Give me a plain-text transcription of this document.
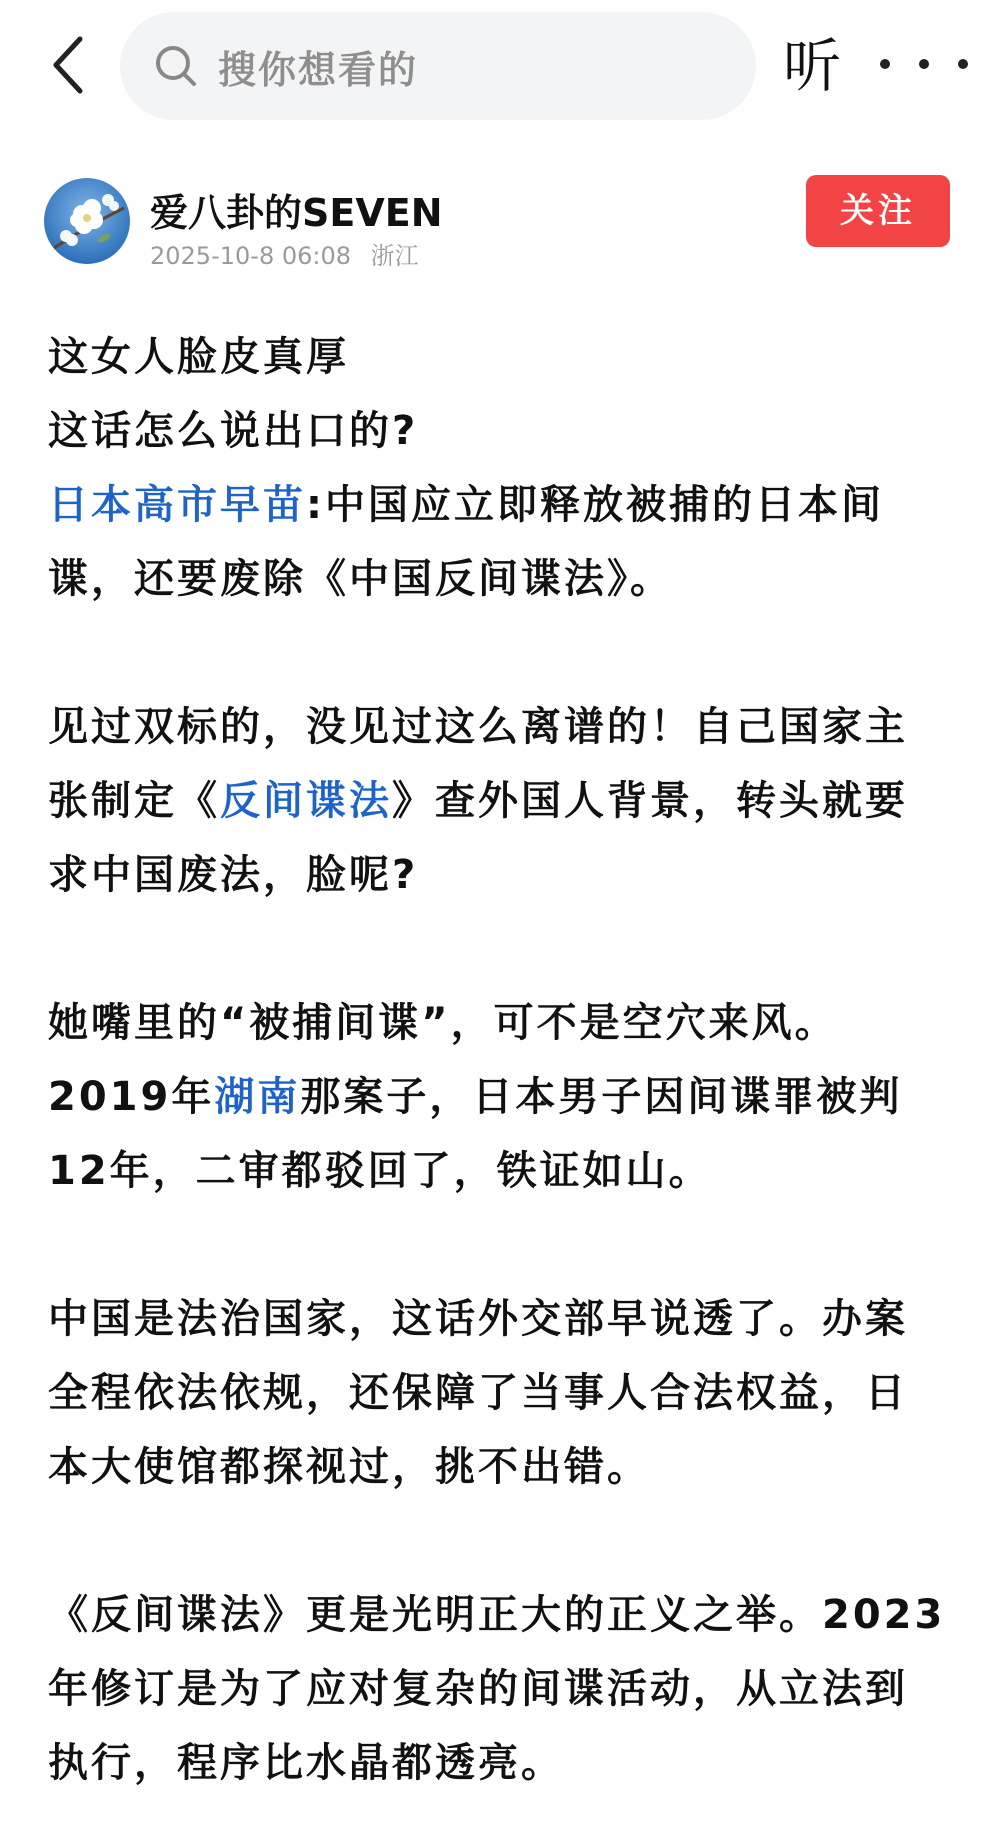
搜你想看的	听
爱八卦的SEVEN
2025-10-8 06:08 浙江
关注

这女人脸皮真厚

这话怎么说出口的?

日本高市早苗:中国应立即释放被捕的日本间谍，还要废除《中国反间谍法》。

见过双标的，没见过这么离谱的！自己国家主张制定《反间谍法》查外国人背景，转头就要求中国废法，脸呢?

她嘴里的“被捕间谍”，可不是空穴来风。2019年湖南那案子，日本男子因间谍罪被判12年，二审都驳回了，铁证如山。

中国是法治国家，这话外交部早说透了。办案全程依法依规，还保障了当事人合法权益，日本大使馆都探视过，挑不出错。

《反间谍法》更是光明正大的正义之举。2023年修订是为了应对复杂的间谍活动，从立法到执行，程序比水晶都透亮。
